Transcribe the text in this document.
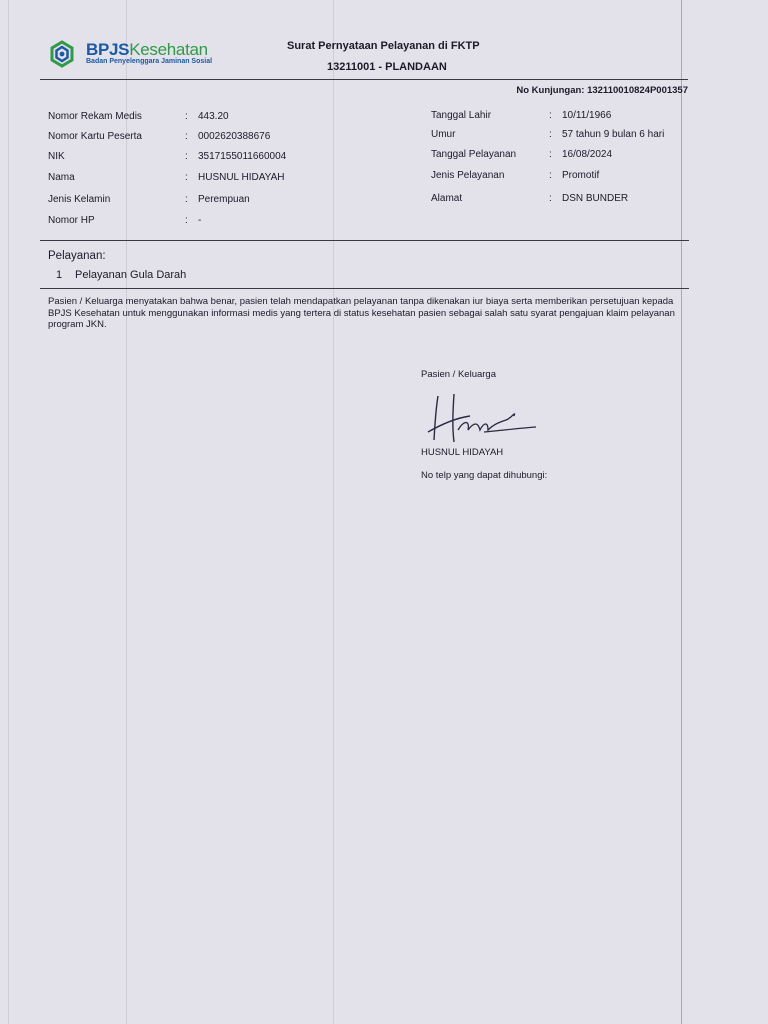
BPJSKesehatan
Badan Penyelenggara Jaminan Sosial
Surat Pernyataan Pelayanan di FKTP
13211001 - PLANDAAN
No Kunjungan: 132110010824P001357
Nomor Rekam Medis	: 443.20
Nomor Kartu Peserta	: 0002620388676
NIK	: 3517155011660004
Nama	: HUSNUL HIDAYAH
Jenis Kelamin	: Perempuan
Nomor HP	: -
Tanggal Lahir	: 10/11/1966
Umur	: 57 tahun 9 bulan 6 hari
Tanggal Pelayanan	: 16/08/2024
Jenis Pelayanan	: Promotif
Alamat	: DSN BUNDER
Pelayanan:
1 Pelayanan Gula Darah
Pasien / Keluarga menyatakan bahwa benar, pasien telah mendapatkan pelayanan tanpa dikenakan iur biaya serta memberikan persetujuan kepada BPJS Kesehatan untuk menggunakan informasi medis yang tertera di status kesehatan pasien sebagai salah satu syarat pengajuan klaim pelayanan program JKN.
Pasien / Keluarga
HUSNUL HIDAYAH
No telp yang dapat dihubungi:
